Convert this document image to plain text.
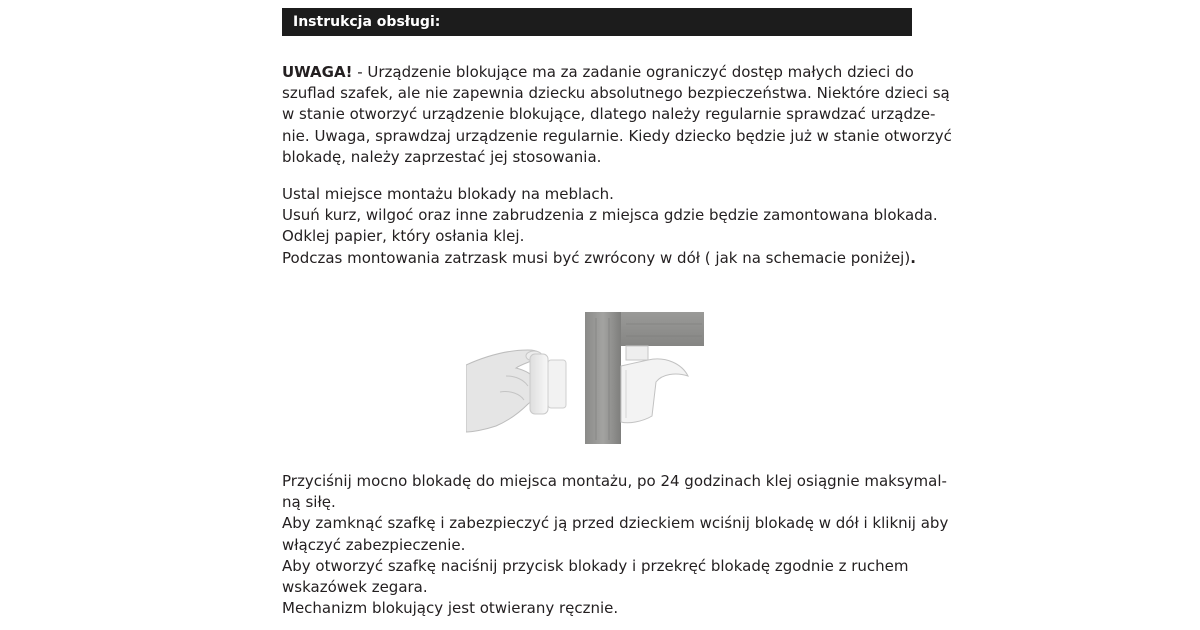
Instrukcja obsługi:
UWAGA! - Urządzenie blokujące ma za zadanie ograniczyć dostęp małych dzieci do
szuflad szafek, ale nie zapewnia dziecku absolutnego bezpieczeństwa. Niektóre dzieci są
w stanie otworzyć urządzenie blokujące, dlatego należy regularnie sprawdzać urządze-
nie. Uwaga, sprawdzaj urządzenie regularnie. Kiedy dziecko będzie już w stanie otworzyć
blokadę, należy zaprzestać jej stosowania.
Ustal miejsce montażu blokady na meblach.
Usuń kurz, wilgoć oraz inne zabrudzenia z miejsca gdzie będzie zamontowana blokada.
Odklej papier, który osłania klej.
Podczas montowania zatrzask musi być zwrócony w dół ( jak na schemacie poniżej).
Przyciśnij mocno blokadę do miejsca montażu, po 24 godzinach klej osiągnie maksymal-
ną siłę.
Aby zamknąć szafkę i zabezpieczyć ją przed dzieckiem wciśnij blokadę w dół i kliknij aby
włączyć zabezpieczenie.
Aby otworzyć szafkę naciśnij przycisk blokady i przekręć blokadę zgodnie z ruchem
wskazówek zegara.
Mechanizm blokujący jest otwierany ręcznie.
